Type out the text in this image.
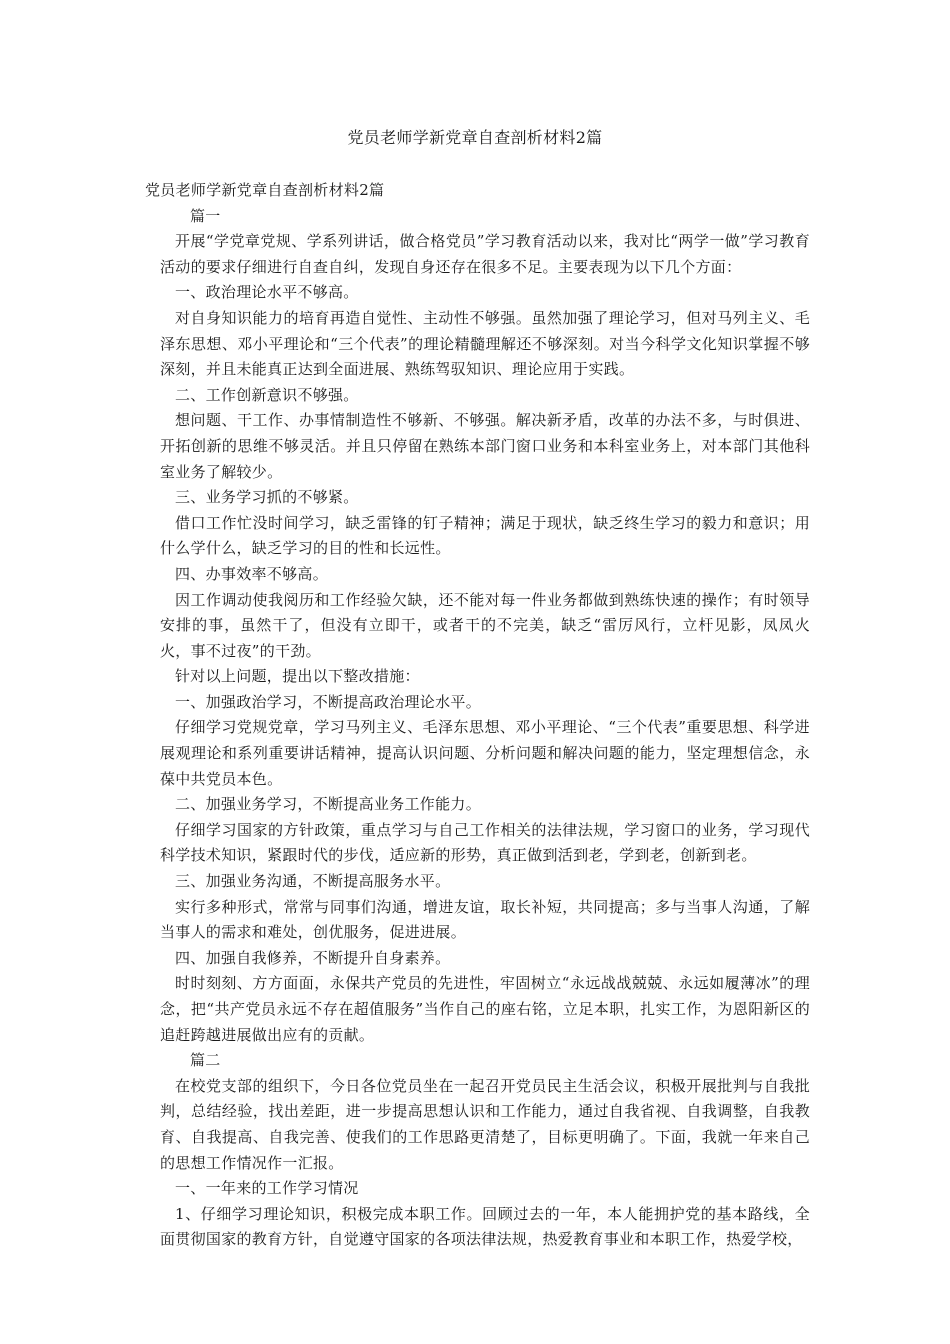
党员老师学新党章自查剖析材料2篇

党员老师学新党章自查剖析材料2篇

篇一

开展“学党章党规、学系列讲话，做合格党员”学习教育活动以来，我对比“两学一做”学习教育活动的要求仔细进行自查自纠，发现自身还存在很多不足。主要表现为以下几个方面：

一、政治理论水平不够高。

对自身知识能力的培育再造自觉性、主动性不够强。虽然加强了理论学习，但对马列主义、毛泽东思想、邓小平理论和“三个代表”的理论精髓理解还不够深刻。对当今科学文化知识掌握不够深刻，并且未能真正达到全面进展、熟练驾驭知识、理论应用于实践。

二、工作创新意识不够强。

想问题、干工作、办事情制造性不够新、不够强。解决新矛盾，改革的办法不多，与时俱进、开拓创新的思维不够灵活。并且只停留在熟练本部门窗口业务和本科室业务上，对本部门其他科室业务了解较少。

三、业务学习抓的不够紧。

借口工作忙没时间学习，缺乏雷锋的钉子精神；满足于现状，缺乏终生学习的毅力和意识；用什么学什么，缺乏学习的目的性和长远性。

四、办事效率不够高。

因工作调动使我阅历和工作经验欠缺，还不能对每一件业务都做到熟练快速的操作；有时领导安排的事，虽然干了，但没有立即干，或者干的不完美，缺乏“雷厉风行，立杆见影，凤凤火火，事不过夜”的干劲。

针对以上问题，提出以下整改措施：

一、加强政治学习，不断提高政治理论水平。

仔细学习党规党章，学习马列主义、毛泽东思想、邓小平理论、“三个代表”重要思想、科学进展观理论和系列重要讲话精神，提高认识问题、分析问题和解决问题的能力，坚定理想信念，永葆中共党员本色。

二、加强业务学习，不断提高业务工作能力。

仔细学习国家的方针政策，重点学习与自己工作相关的法律法规，学习窗口的业务，学习现代科学技术知识，紧跟时代的步伐，适应新的形势，真正做到活到老，学到老，创新到老。

三、加强业务沟通，不断提高服务水平。

实行多种形式，常常与同事们沟通，增进友谊，取长补短，共同提高；多与当事人沟通，了解当事人的需求和难处，创优服务，促进进展。

四、加强自我修养，不断提升自身素养。

时时刻刻、方方面面，永保共产党员的先进性，牢固树立“永远战战兢兢、永远如履薄冰”的理念，把“共产党员永远不存在超值服务”当作自己的座右铭，立足本职，扎实工作，为恩阳新区的追赶跨越进展做出应有的贡献。

篇二

在校党支部的组织下，今日各位党员坐在一起召开党员民主生活会议，积极开展批判与自我批判，总结经验，找出差距，进一步提高思想认识和工作能力，通过自我省视、自我调整，自我教育、自我提高、自我完善、使我们的工作思路更清楚了，目标更明确了。下面，我就一年来自己的思想工作情况作一汇报。

一、一年来的工作学习情况

1、仔细学习理论知识，积极完成本职工作。回顾过去的一年，本人能拥护党的基本路线，全面贯彻国家的教育方针，自觉遵守国家的各项法律法规，热爱教育事业和本职工作，热爱学校，
